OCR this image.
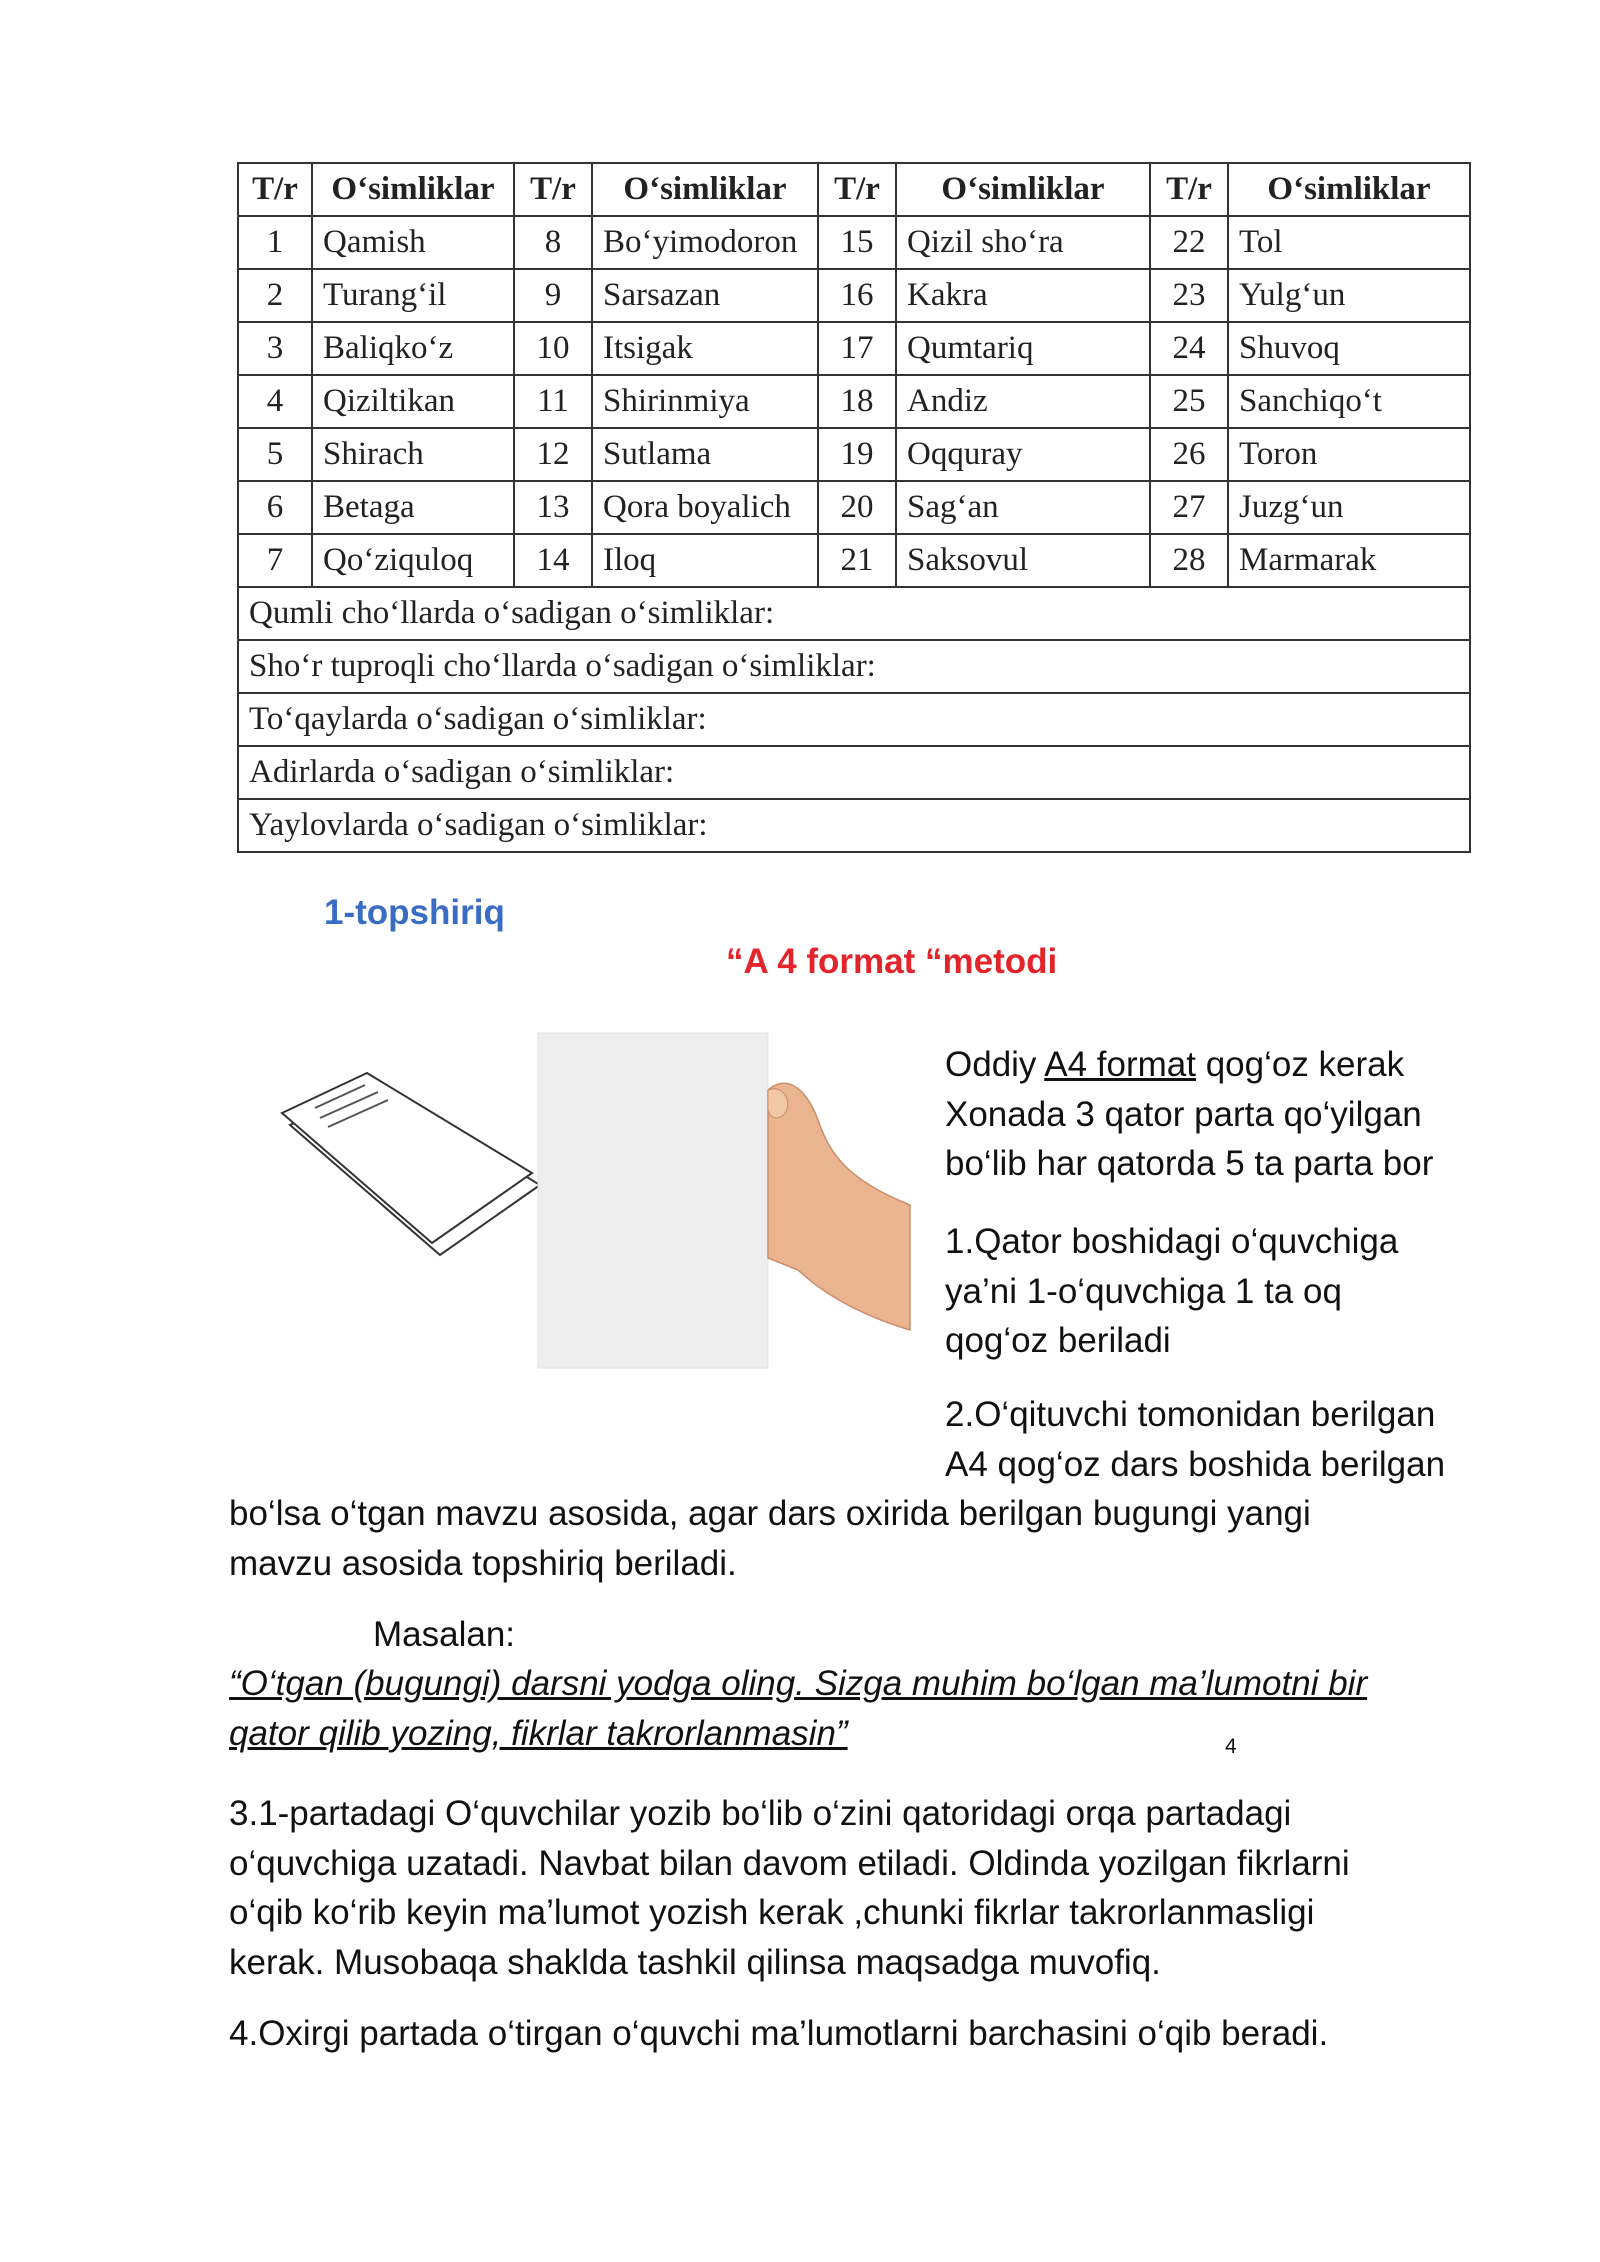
T/r	O‘simliklar	T/r	O‘simliklar	T/r	O‘simliklar	T/r	O‘simliklar
1	Qamish	8	Bo‘yimodoron	15	Qizil sho‘ra	22	Tol
2	Turang‘il	9	Sarsazan	16	Kakra	23	Yulg‘un
3	Baliqko‘z	10	Itsigak	17	Qumtariq	24	Shuvoq
4	Qiziltikan	11	Shirinmiya	18	Andiz	25	Sanchiqo‘t
5	Shirach	12	Sutlama	19	Oqquray	26	Toron
6	Betaga	13	Qora boyalich	20	Sag‘an	27	Juzg‘un
7	Qo‘ziquloq	14	Iloq	21	Saksovul	28	Marmarak
Qumli cho‘llarda o‘sadigan o‘simliklar:							
Sho‘r tuproqli cho‘llarda o‘sadigan o‘simliklar:							
To‘qaylarda o‘sadigan o‘simliklar:							
Adirlarda o‘sadigan o‘simliklar:							
Yaylovlarda o‘sadigan o‘simliklar:							
1-topshiriq
“A 4 format “metodi

Oddiy A4 format qog‘oz kerak
Xonada 3 qator parta qo‘yilgan
bo‘lib har qatorda 5 ta parta bor

1.Qator boshidagi o‘quvchiga
ya’ni 1-o‘quvchiga 1 ta oq
qog‘oz beriladi

2.O‘qituvchi tomonidan berilgan
A4 qog‘oz dars boshida berilgan

bo‘lsa o‘tgan mavzu asosida, agar dars oxirida berilgan bugungi yangi
mavzu asosida topshiriq beriladi.

Masalan:

“O‘tgan (bugungi) darsni yodga oling. Sizga muhim bo‘lgan ma’lumotni bir
qator qilib yozing, fikrlar takrorlanmasin”	4

3.1-partadagi O‘quvchilar yozib bo‘lib o‘zini qatoridagi orqa partadagi
o‘quvchiga uzatadi. Navbat bilan davom etiladi. Oldinda yozilgan fikrlarni
o‘qib ko‘rib keyin ma’lumot yozish kerak ,chunki fikrlar takrorlanmasligi
kerak. Musobaqa shaklda tashkil qilinsa maqsadga muvofiq.

4.Oxirgi partada o‘tirgan o‘quvchi ma’lumotlarni barchasini o‘qib beradi.
